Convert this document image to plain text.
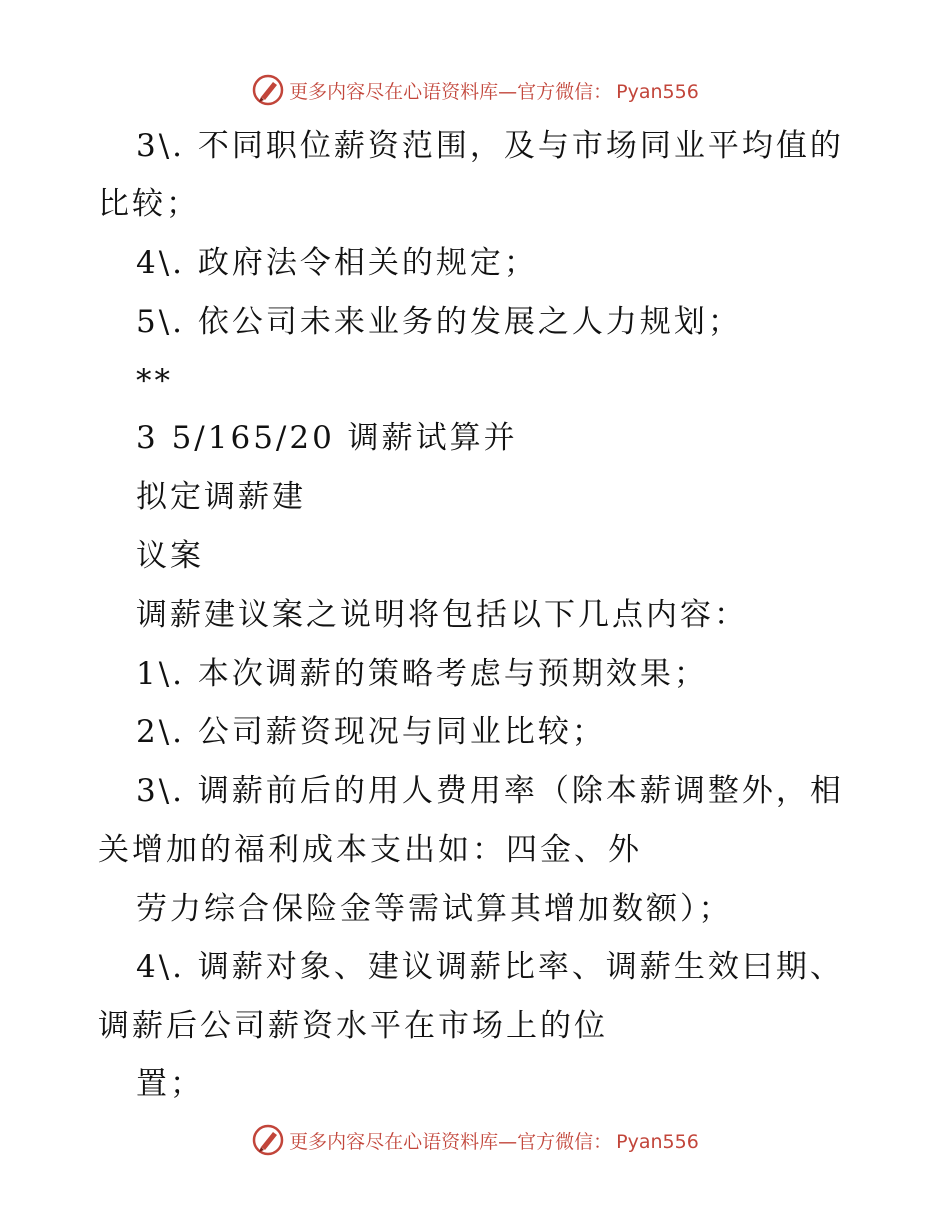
更多内容尽在心语资料库—官方微信： Pyan556
3\. 不同职位薪资范围，及与市场同业平均值的
比较；
4\. 政府法令相关的规定；
5\. 依公司未来业务的发展之人力规划；
**
3 5/165/20 调薪试算并
拟定调薪建
议案
调薪建议案之说明将包括以下几点内容：
1\. 本次调薪的策略考虑与预期效果；
2\. 公司薪资现况与同业比较；
3\. 调薪前后的用人费用率（除本薪调整外，相
关增加的福利成本支出如：四金、外
劳力综合保险金等需试算其增加数额）；
4\. 调薪对象、建议调薪比率、调薪生效曰期、
调薪后公司薪资水平在市场上的位
置；
更多内容尽在心语资料库—官方微信： Pyan556
